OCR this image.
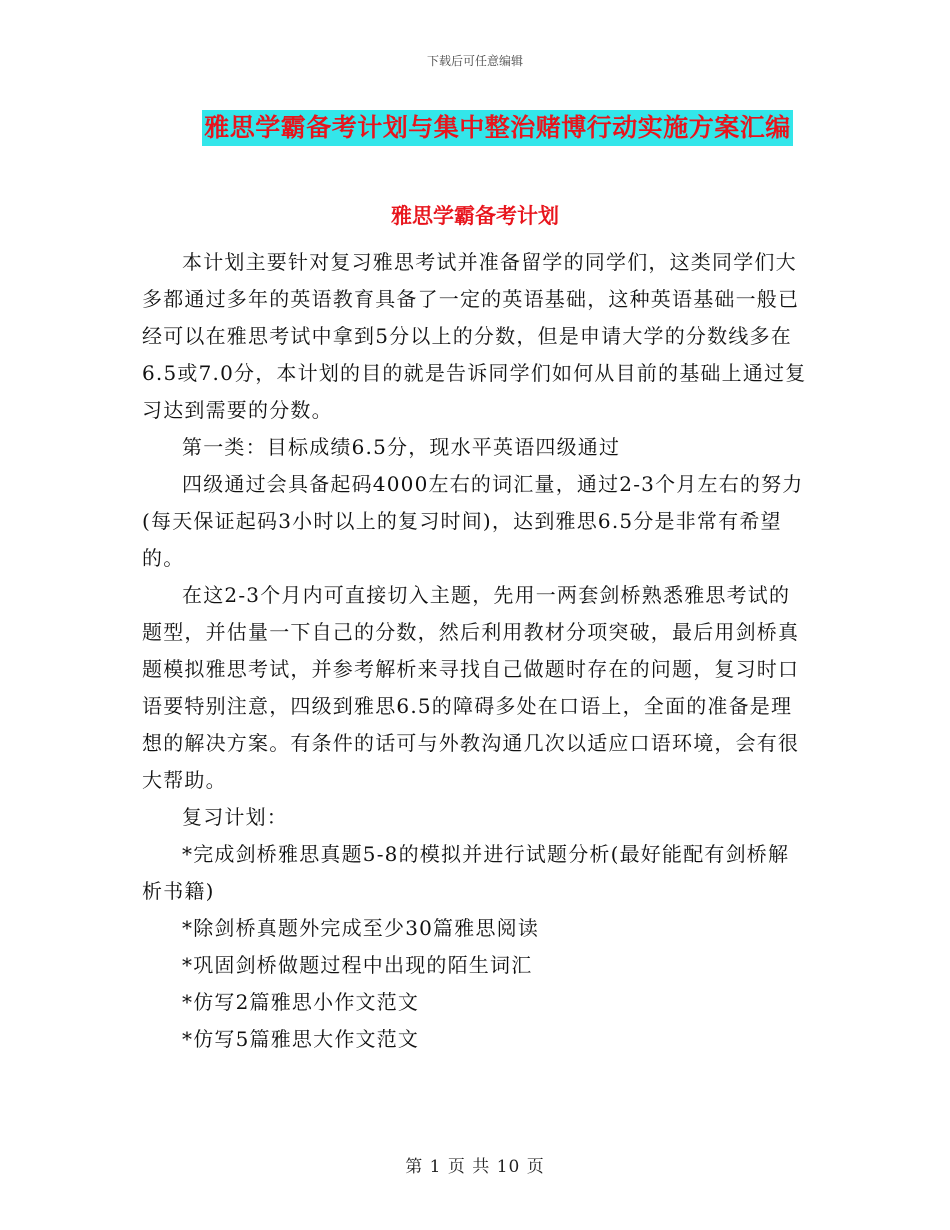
下载后可任意编辑
雅思学霸备考计划与集中整治赌博行动实施方案汇编
雅思学霸备考计划

本计划主要针对复习雅思考试并准备留学的同学们，这类同学们大多都通过多年的英语教育具备了一定的英语基础，这种英语基础一般已经可以在雅思考试中拿到5分以上的分数，但是申请大学的分数线多在6.5或7.0分，本计划的目的就是告诉同学们如何从目前的基础上通过复习达到需要的分数。

第一类：目标成绩6.5分，现水平英语四级通过

四级通过会具备起码4000左右的词汇量，通过2-3个月左右的努力(每天保证起码3小时以上的复习时间)，达到雅思6.5分是非常有希望的。

在这2-3个月内可直接切入主题，先用一两套剑桥熟悉雅思考试的题型，并估量一下自己的分数，然后利用教材分项突破，最后用剑桥真题模拟雅思考试，并参考解析来寻找自己做题时存在的问题，复习时口语要特别注意，四级到雅思6.5的障碍多处在口语上，全面的准备是理想的解决方案。有条件的话可与外教沟通几次以适应口语环境，会有很大帮助。

复习计划：

*完成剑桥雅思真题5-8的模拟并进行试题分析(最好能配有剑桥解析书籍)

*除剑桥真题外完成至少30篇雅思阅读

*巩固剑桥做题过程中出现的陌生词汇

*仿写2篇雅思小作文范文

*仿写5篇雅思大作文范文

第 1 页 共 10 页
